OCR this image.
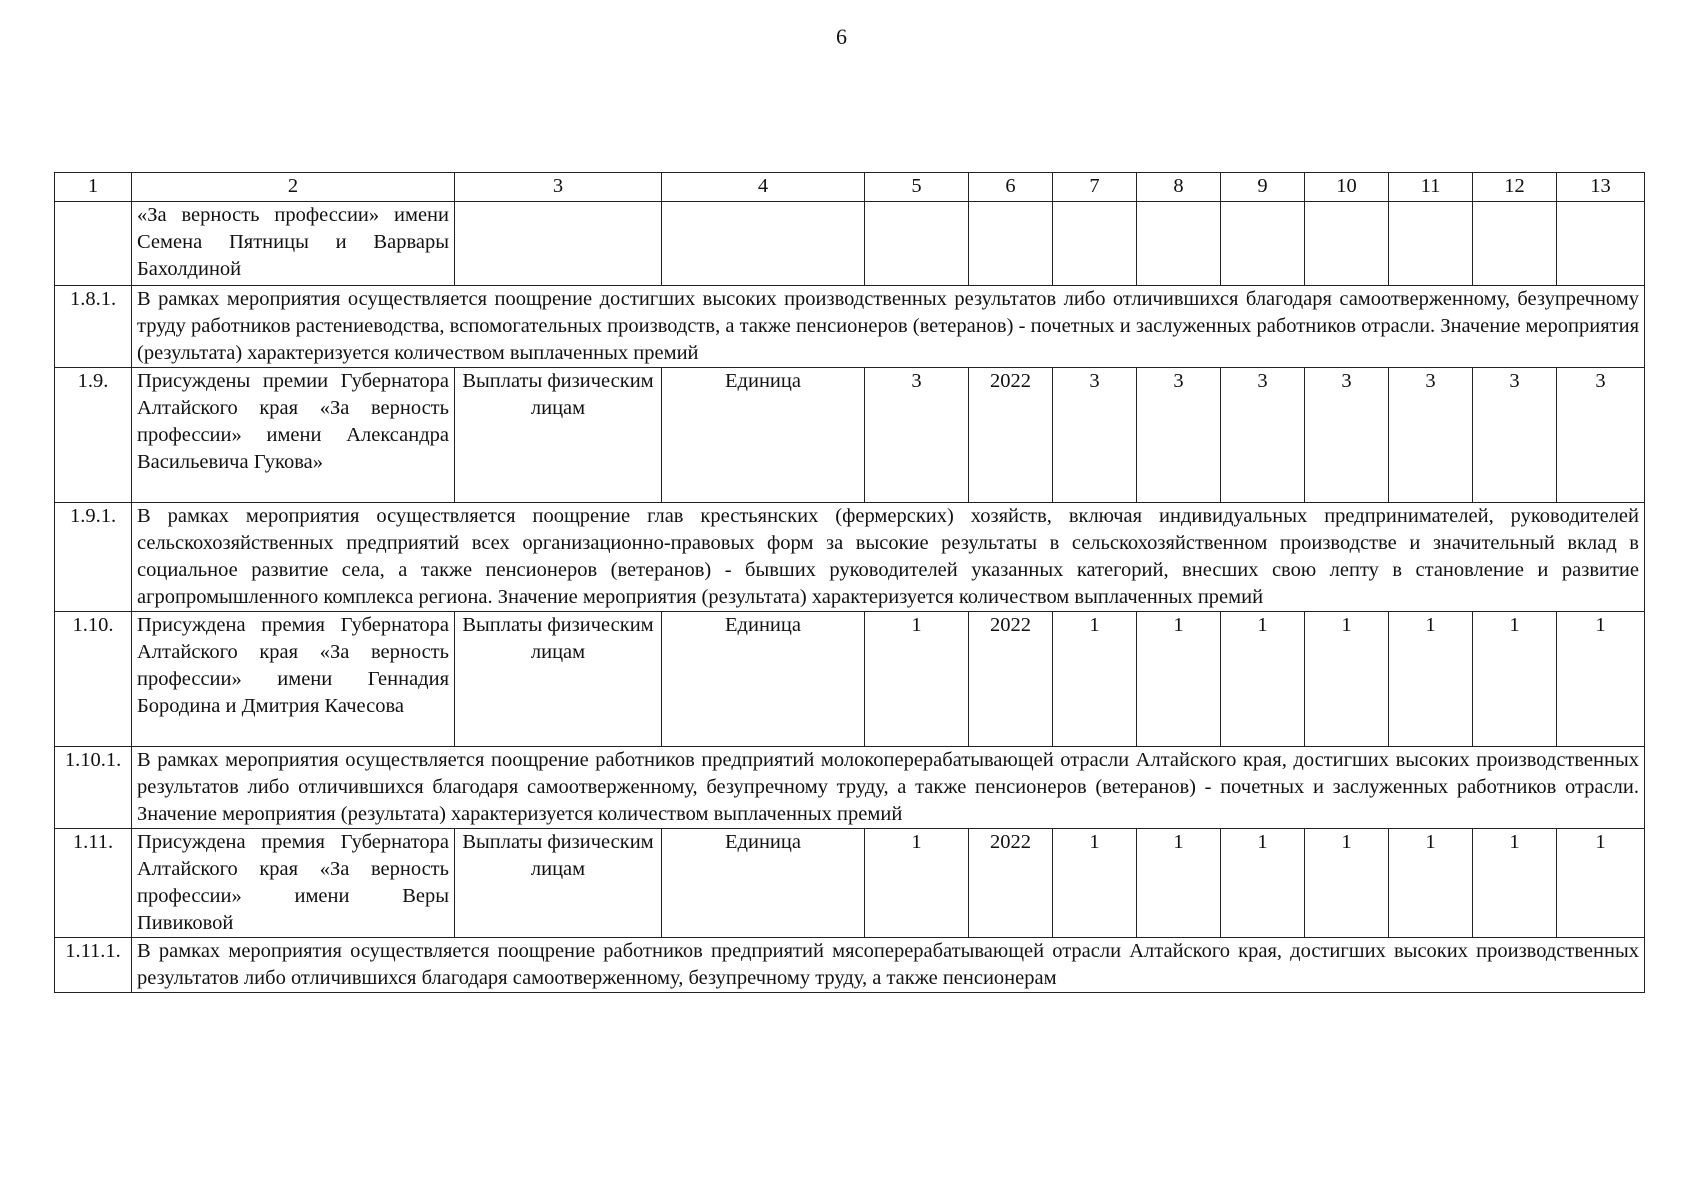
6
1	2	3	4	5	6	7	8	9	10	11	12	13
	«За верность профессии» имени Семена Пятницы и Варвары Бахолдиной											
1.8.1.	В рамках мероприятия осуществляется поощрение достигших высоких производственных результатов либо отличившихся благодаря самоотверженному, безупречному труду работников растениеводства, вспомогательных производств, а также пенсионеров (ветеранов) - почетных и заслуженных работников отрасли. Значение мероприятия (результата) характеризуется количеством выплаченных премий											
1.9.	Присуждены премии Губернатора Алтайского края «За верность профессии» имени Александра Васильевича Гукова»	Выплаты физическим лицам	Единица	3	2022	3	3	3	3	3	3	3
1.9.1.	В рамках мероприятия осуществляется поощрение глав крестьянских (фермерских) хозяйств, включая индивидуальных предпринимателей, руководителей сельскохозяйственных предприятий всех организационно-правовых форм за высокие результаты в сельскохозяйственном производстве и значительный вклад в социальное развитие села, а также пенсионеров (ветеранов) - бывших руководителей указанных категорий, внесших свою лепту в становление и развитие агропромышленного комплекса региона. Значение мероприятия (результата) характеризуется количеством выплаченных премий											
1.10.	Присуждена премия Губернатора Алтайского края «За верность профессии» имени Геннадия Бородина и Дмитрия Качесова	Выплаты физическим лицам	Единица	1	2022	1	1	1	1	1	1	1
1.10.1.	В рамках мероприятия осуществляется поощрение работников предприятий молокоперерабатывающей отрасли Алтайского края, достигших высоких производственных результатов либо отличившихся благодаря самоотверженному, безупречному труду, а также пенсионеров (ветеранов) - почетных и заслуженных работников отрасли. Значение мероприятия (результата) характеризуется количеством выплаченных премий											
1.11.	Присуждена премия Губернатора Алтайского края «За верность профессии» имени Веры Пивиковой	Выплаты физическим лицам	Единица	1	2022	1	1	1	1	1	1	1
1.11.1.	В рамках мероприятия осуществляется поощрение работников предприятий мясоперерабатывающей отрасли Алтайского края, достигших высоких производственных результатов либо отличившихся благодаря самоотверженному, безупречному труду, а также пенсионерам											
